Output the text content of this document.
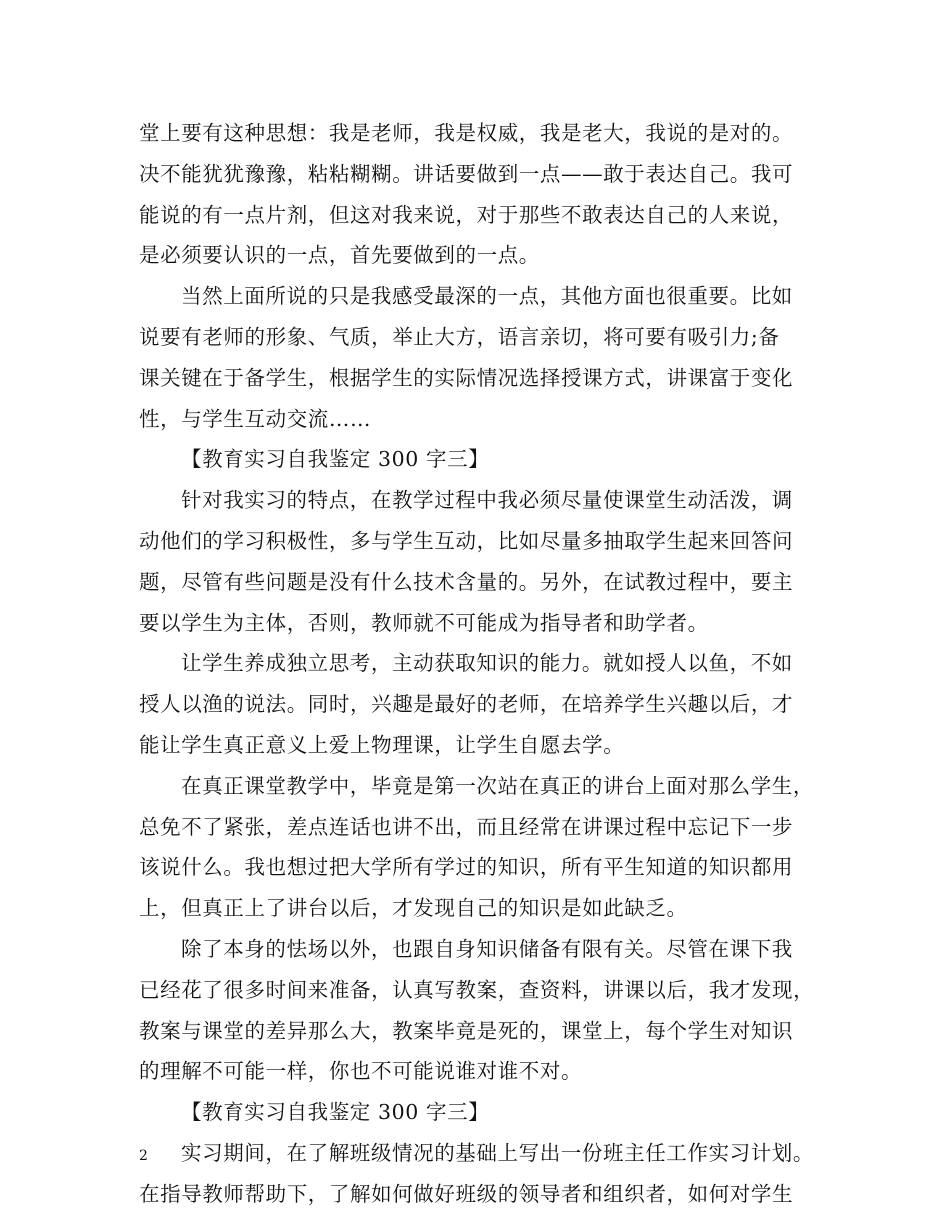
堂上要有这种思想：我是老师，我是权威，我是老大，我说的是对的。
决不能犹犹豫豫，粘粘糊糊。讲话要做到一点——敢于表达自己。我可
能说的有一点片剂，但这对我来说，对于那些不敢表达自己的人来说，
是必须要认识的一点，首先要做到的一点。
当然上面所说的只是我感受最深的一点，其他方面也很重要。比如
说要有老师的形象、气质，举止大方，语言亲切，将可要有吸引力;备
课关键在于备学生，根据学生的实际情况选择授课方式，讲课富于变化
性，与学生互动交流……
【教育实习自我鉴定 300 字三】
针对我实习的特点，在教学过程中我必须尽量使课堂生动活泼，调
动他们的学习积极性，多与学生互动，比如尽量多抽取学生起来回答问
题，尽管有些问题是没有什么技术含量的。另外，在试教过程中，要主
要以学生为主体，否则，教师就不可能成为指导者和助学者。
让学生养成独立思考，主动获取知识的能力。就如授人以鱼，不如
授人以渔的说法。同时，兴趣是最好的老师，在培养学生兴趣以后，才
能让学生真正意义上爱上物理课，让学生自愿去学。
在真正课堂教学中，毕竟是第一次站在真正的讲台上面对那么学生，
总免不了紧张，差点连话也讲不出，而且经常在讲课过程中忘记下一步
该说什么。我也想过把大学所有学过的知识，所有平生知道的知识都用
上，但真正上了讲台以后，才发现自己的知识是如此缺乏。
除了本身的怯场以外，也跟自身知识储备有限有关。尽管在课下我
已经花了很多时间来准备，认真写教案，查资料，讲课以后，我才发现，
教案与课堂的差异那么大，教案毕竟是死的，课堂上，每个学生对知识
的理解不可能一样，你也不可能说谁对谁不对。
【教育实习自我鉴定 300 字三】
实习期间，在了解班级情况的基础上写出一份班主任工作实习计划。
在指导教师帮助下，了解如何做好班级的领导者和组织者，如何对学生
2
